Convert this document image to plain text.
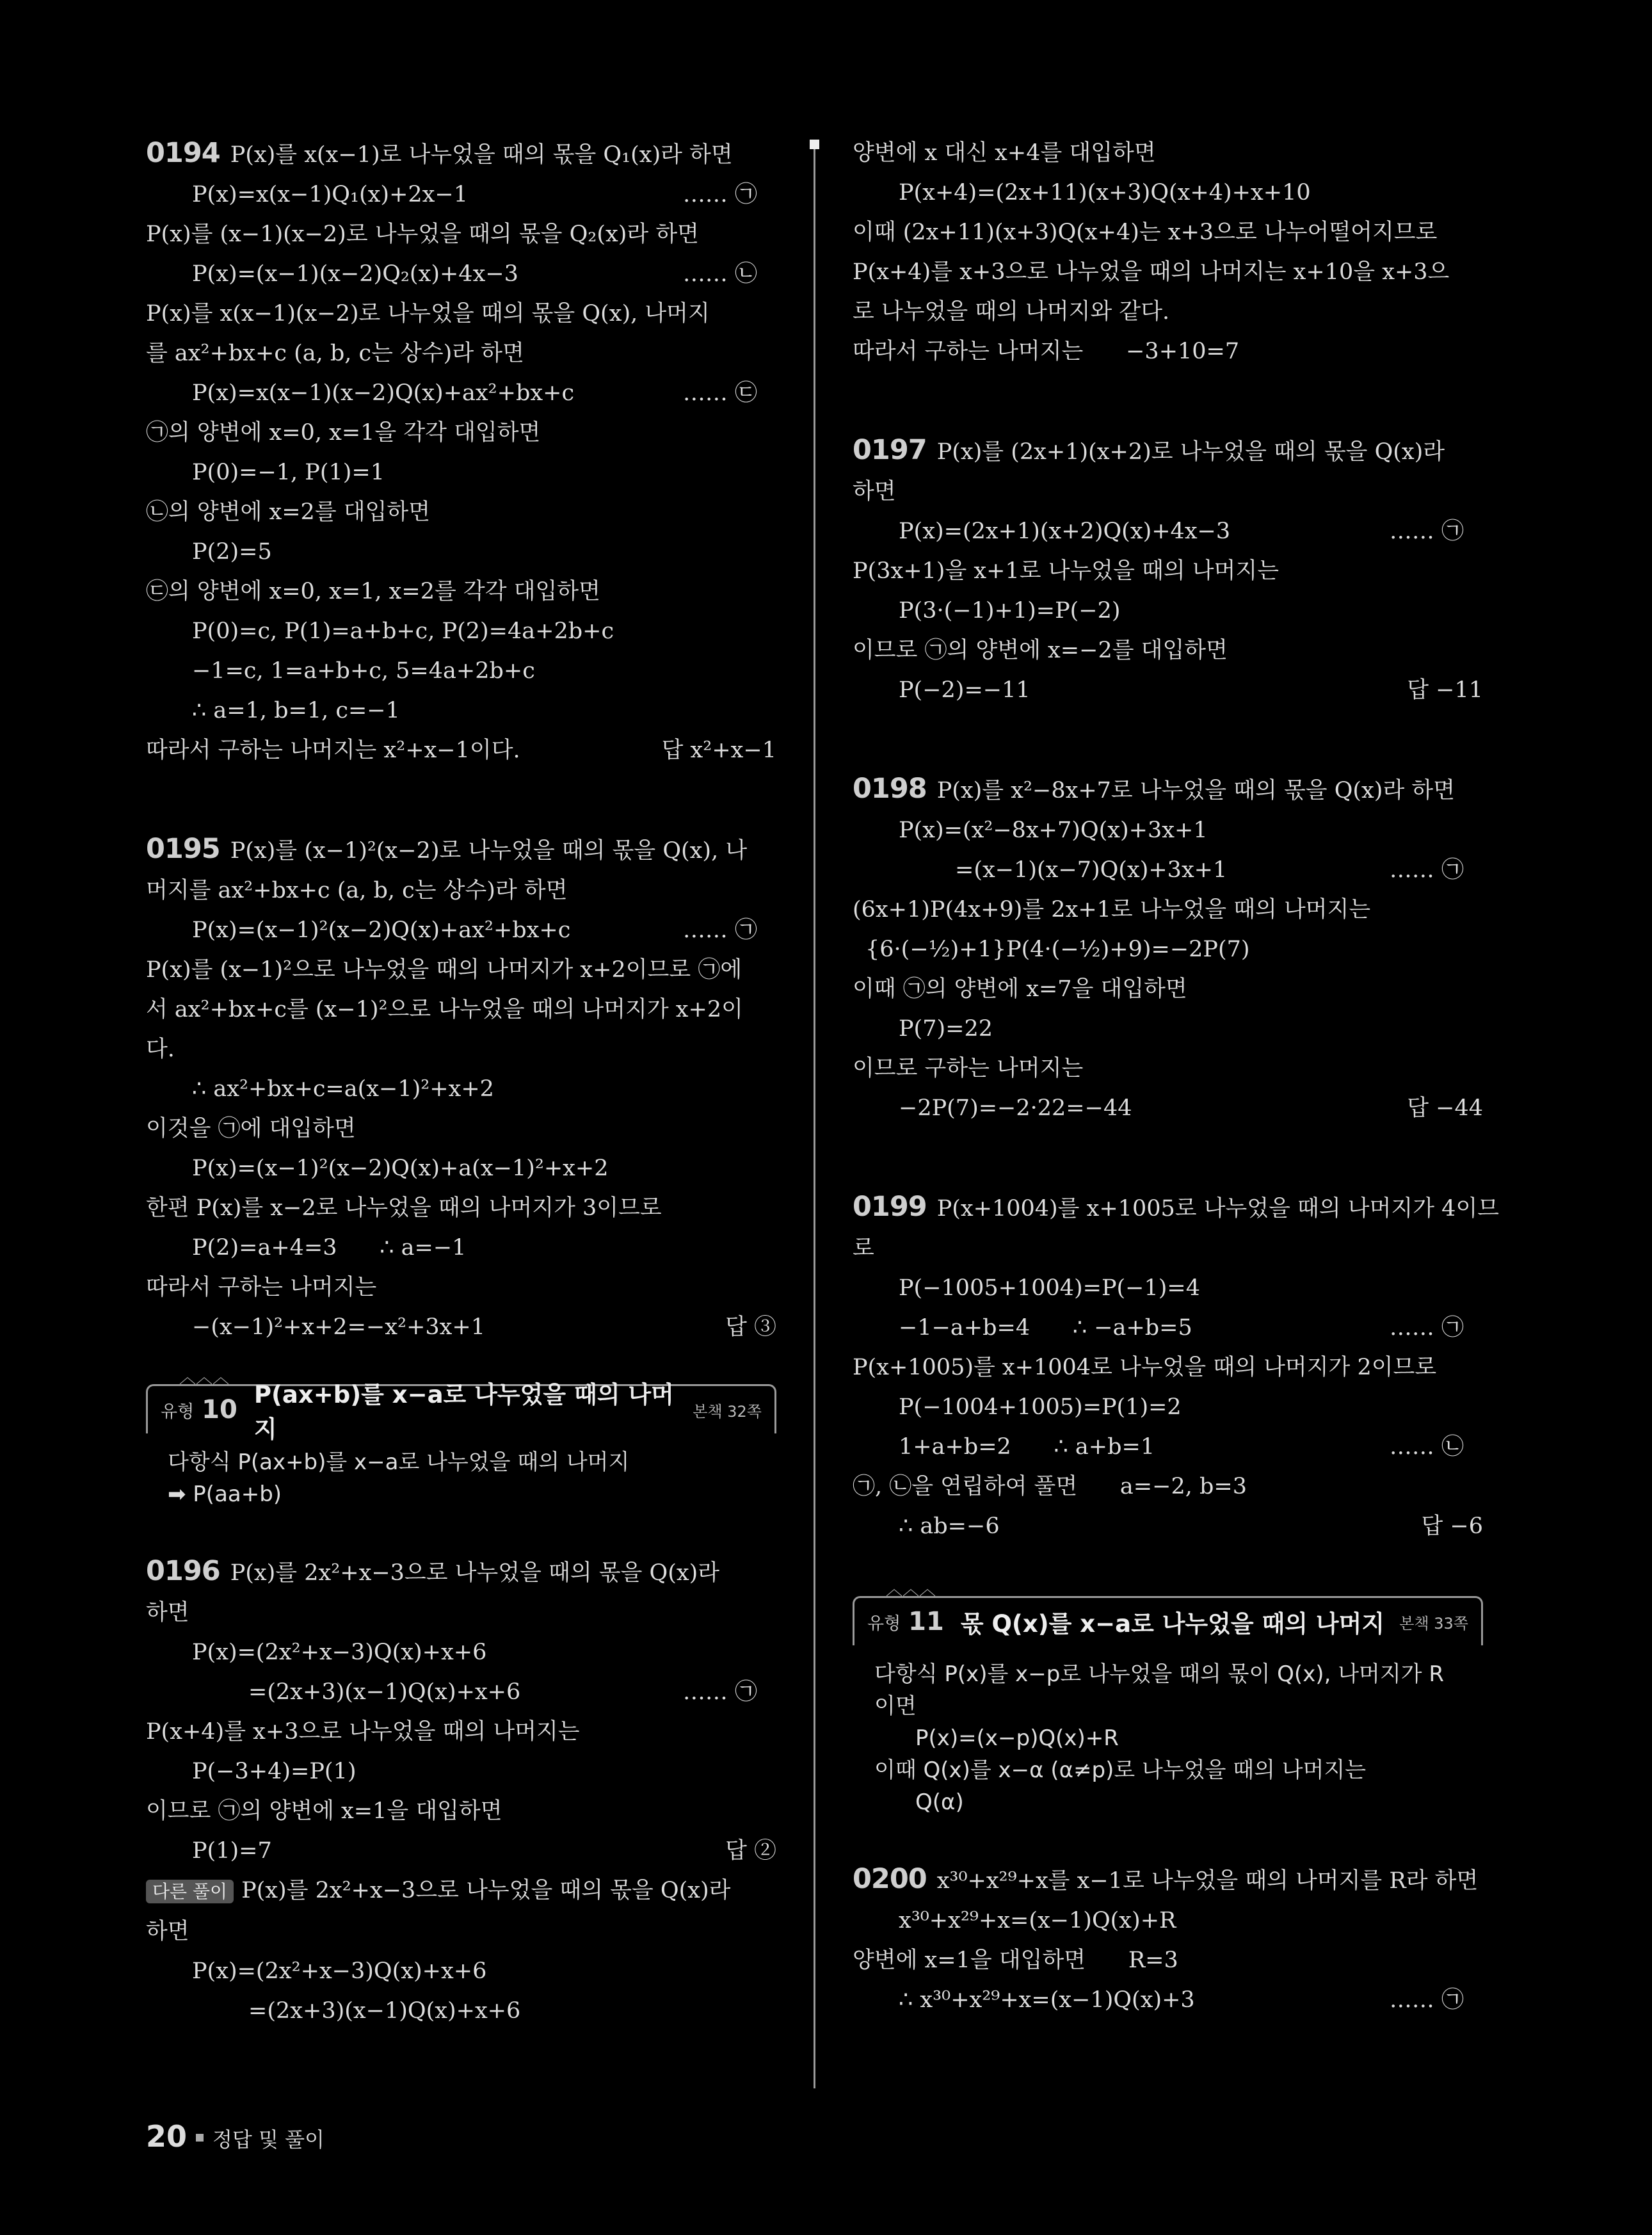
0194 P(x)를 x(x−1)로 나누었을 때의 몫을 Q₁(x)라 하면
P(x)=x(x−1)Q₁(x)+2x−1	…… ㉠
P(x)를 (x−1)(x−2)로 나누었을 때의 몫을 Q₂(x)라 하면
P(x)=(x−1)(x−2)Q₂(x)+4x−3	…… ㉡
P(x)를 x(x−1)(x−2)로 나누었을 때의 몫을 Q(x), 나머지
를 ax²+bx+c (a, b, c는 상수)라 하면
P(x)=x(x−1)(x−2)Q(x)+ax²+bx+c	…… ㉢
㉠의 양변에 x=0, x=1을 각각 대입하면
P(0)=−1, P(1)=1
㉡의 양변에 x=2를 대입하면
P(2)=5
㉢의 양변에 x=0, x=1, x=2를 각각 대입하면
P(0)=c, P(1)=a+b+c, P(2)=4a+2b+c
−1=c, 1=a+b+c, 5=4a+2b+c
∴ a=1, b=1, c=−1
따라서 구하는 나머지는 x²+x−1이다.	답 x²+x−1
0195 P(x)를 (x−1)²(x−2)로 나누었을 때의 몫을 Q(x), 나
머지를 ax²+bx+c (a, b, c는 상수)라 하면
P(x)=(x−1)²(x−2)Q(x)+ax²+bx+c	…… ㉠
P(x)를 (x−1)²으로 나누었을 때의 나머지가 x+2이므로 ㉠에
서 ax²+bx+c를 (x−1)²으로 나누었을 때의 나머지가 x+2이
다.
∴ ax²+bx+c=a(x−1)²+x+2
이것을 ㉠에 대입하면
P(x)=(x−1)²(x−2)Q(x)+a(x−1)²+x+2
한편 P(x)를 x−2로 나누었을 때의 나머지가 3이므로
P(2)=a+4=3      ∴ a=−1
따라서 구하는 나머지는
−(x−1)²+x+2=−x²+3x+1	답 ③
︿︿︿
유형 10
P(ax+b)를 x−a로 나누었을 때의 나머지
본책 32쪽
다항식 P(ax+b)를 x−a로 나누었을 때의 나머지
➡ P(aa+b)
0196 P(x)를 2x²+x−3으로 나누었을 때의 몫을 Q(x)라
하면
P(x)=(2x²+x−3)Q(x)+x+6
=(2x+3)(x−1)Q(x)+x+6	…… ㉠
P(x+4)를 x+3으로 나누었을 때의 나머지는
P(−3+4)=P(1)
이므로 ㉠의 양변에 x=1을 대입하면
P(1)=7	답 ②
다른 풀이 P(x)를 2x²+x−3으로 나누었을 때의 몫을 Q(x)라
하면
P(x)=(2x²+x−3)Q(x)+x+6
=(2x+3)(x−1)Q(x)+x+6
양변에 x 대신 x+4를 대입하면
P(x+4)=(2x+11)(x+3)Q(x+4)+x+10
이때 (2x+11)(x+3)Q(x+4)는 x+3으로 나누어떨어지므로
P(x+4)를 x+3으로 나누었을 때의 나머지는 x+10을 x+3으
로 나누었을 때의 나머지와 같다.
따라서 구하는 나머지는      −3+10=7
0197 P(x)를 (2x+1)(x+2)로 나누었을 때의 몫을 Q(x)라
하면
P(x)=(2x+1)(x+2)Q(x)+4x−3	…… ㉠
P(3x+1)을 x+1로 나누었을 때의 나머지는
P(3·(−1)+1)=P(−2)
이므로 ㉠의 양변에 x=−2를 대입하면
P(−2)=−11	답 −11
0198 P(x)를 x²−8x+7로 나누었을 때의 몫을 Q(x)라 하면
P(x)=(x²−8x+7)Q(x)+3x+1
=(x−1)(x−7)Q(x)+3x+1	…… ㉠
(6x+1)P(4x+9)를 2x+1로 나누었을 때의 나머지는
{6·(−½)+1}P(4·(−½)+9)=−2P(7)
이때 ㉠의 양변에 x=7을 대입하면
P(7)=22
이므로 구하는 나머지는
−2P(7)=−2·22=−44	답 −44
0199 P(x+1004)를 x+1005로 나누었을 때의 나머지가 4이므
로
P(−1005+1004)=P(−1)=4
−1−a+b=4      ∴ −a+b=5	…… ㉠
P(x+1005)를 x+1004로 나누었을 때의 나머지가 2이므로
P(−1004+1005)=P(1)=2
1+a+b=2      ∴ a+b=1	…… ㉡
㉠, ㉡을 연립하여 풀면      a=−2, b=3
∴ ab=−6	답 −6
︿︿︿
유형 11 몫 Q(x)를 x−a로 나누었을 때의 나머지 본책 33쪽
다항식 P(x)를 x−p로 나누었을 때의 몫이 Q(x), 나머지가 R
이면
P(x)=(x−p)Q(x)+R
이때 Q(x)를 x−α (α≠p)로 나누었을 때의 나머지는
Q(α)
0200 x³⁰+x²⁹+x를 x−1로 나누었을 때의 나머지를 R라 하면
x³⁰+x²⁹+x=(x−1)Q(x)+R
양변에 x=1을 대입하면      R=3
∴ x³⁰+x²⁹+x=(x−1)Q(x)+3	…… ㉠
20 정답 및 풀이
